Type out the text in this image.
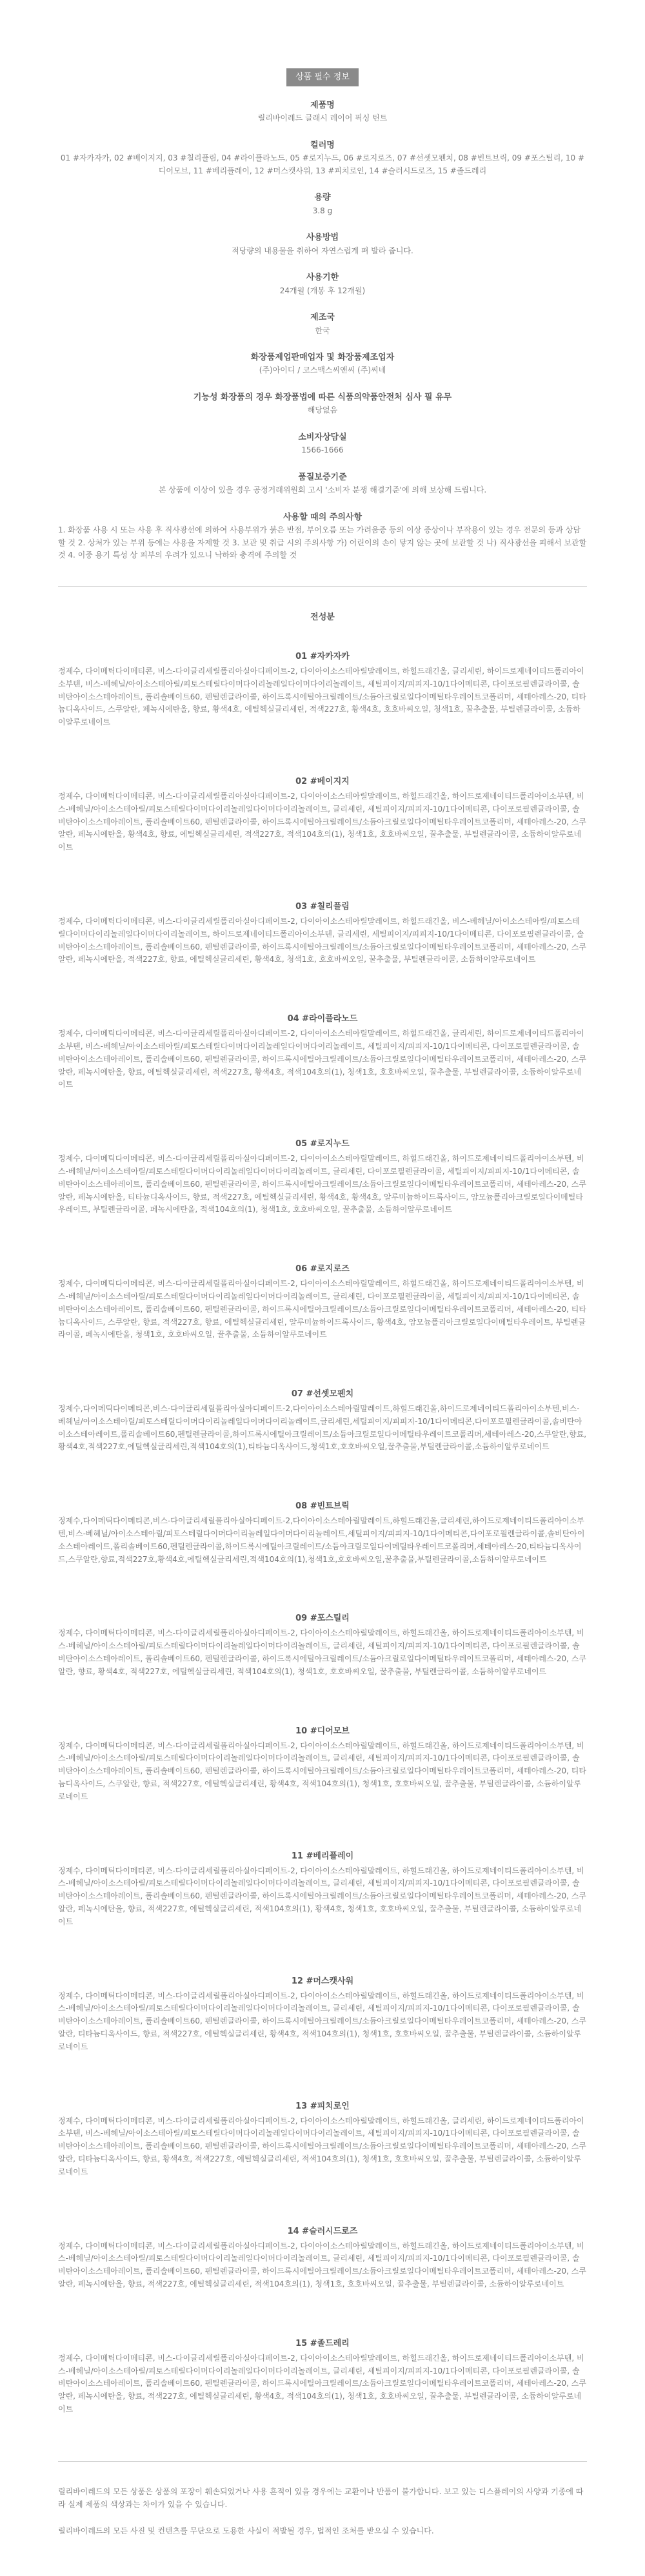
상품 필수 정보
제품명
릴리바이레드 글래시 레이어 픽싱 틴트
컬러명
01 #자카자카, 02 #베이지지, 03 #칠리플림, 04 #라이플라노드, 05 #로지누드, 06 #로지로즈, 07 #선셋모펜치, 08 #빈트브릭, 09 #포스틸리, 10 #디어모브, 11 #베리플레이, 12 #머스캣사워, 13 #피치로인, 14 #슬러시드로즈, 15 #졸드레리
용량
3.8 g
사용방법
적당량의 내용물을 취하여 자연스럽게 펴 발라 줍니다.
사용기한
24개월 (개봉 후 12개월)
제조국
한국
화장품제업판매업자 및 화장품제조업자
(주)아이디 / 코스맥스씨앤씨 (주)씨네
기능성 화장품의 경우 화장품법에 따른 식품의약품안전처 심사 필 유무
해당없음
소비자상담실
1566-1666
품질보증기준
본 상품에 이상이 있을 경우 공정거래위원회 고시 '소비자 분쟁 해결기준'에 의해 보상해 드립니다.
사용할 때의 주의사항
1. 화장품 사용 시 또는 사용 후 직사광선에 의하여 사용부위가 붉은 반점, 부어오름 또는 가려움증 등의 이상 증상이나 부작용이 있는 경우 전문의 등과 상담할 것 2. 상처가 있는 부위 등에는 사용을 자제할 것 3. 보관 및 취급 시의 주의사항 가) 어린이의 손이 닿지 않는 곳에 보관할 것 나) 직사광선을 피해서 보관할 것 4. 이중 용기 특성 상 피부의 우려가 있으니 낙하와 충격에 주의할 것
전성분
01 #자카자카
정제수, 다이메틱다이메티콘, 비스-다이글리세릴폴리아실아디페이트-2, 다이아이소스테아릴말레이트, 하힐드래긴올, 글리세린, 하이드로제네이티드폴리아이소부텐, 비스-베헤닐/아이소스테아릴/피토스테릴다이머다이리놀레일다이머다이리놀레이트, 세틸피이지/피피지-10/1다이메티콘, 다이포로필렌글라이콜, 솔비탄아이소스테아레이트, 폴리솔베이트60, 펜틸렌글라이콜, 하이드록시에틸아크릴레이트/소듐아크릴로일다이메틸타우레이트코폴리머, 세테아레스-20, 티타늄디옥사이드, 스쿠알란, 페녹시에탄올, 향료, 황색4호, 에틸헥실글리세린, 적색227호, 황색4호, 호호바씨오일, 청색1호, 꿀추출물, 부틸렌글라이콜, 소듐하이알루로네이트
02 #베이지지
정제수, 다이메틱다이메티콘, 비스-다이글리세릴폴리아실아디페이트-2, 다이아이소스테아릴말레이트, 하힐드래긴올, 하이드로제네이티드폴리아이소부텐, 비스-베헤닐/아이소스테아릴/피토스테릴다이머다이리놀레일다이머다이리놀레이트, 글리세린, 세틸피이지/피피지-10/1다이메티콘, 다이포로필렌글라이콜, 솔비탄아이소스테아레이트, 폴리솔베이트60, 펜틸렌글라이콜, 하이드록시에틸아크릴레이트/소듐아크릴로일다이메틸타우레이트코폴리머, 세테아레스-20, 스쿠알란, 페녹시에탄올, 황색4호, 향료, 에틸헥실글리세린, 적색227호, 적색104호의(1), 청색1호, 호호바씨오일, 꿀추출물, 부틸렌글라이콜, 소듐하이알루로네이트
03 #칠리플림
정제수, 다이메틱다이메티콘, 비스-다이글리세릴폴리아실아디페이트-2, 다이아이소스테아릴말레이트, 하힐드래긴올, 비스-베헤닐/아이소스테아릴/피토스테릴다이머다이리놀레일다이머다이리놀레이트, 하이드로제네이티드폴리아이소부텐, 글리세린, 세틸피이지/피피지-10/1다이메티콘, 다이포로필렌글라이콜, 솔비탄아이소스테아레이트, 폴리솔베이트60, 펜틸렌글라이콜, 하이드록시에틸아크릴레이트/소듐아크릴로일다이메틸타우레이트코폴리머, 세테아레스-20, 스쿠알란, 페녹시에탄올, 적색227호, 향료, 에틸헥실글리세린, 황색4호, 청색1호, 호호바씨오일, 꿀추출물, 부틸렌글라이콜, 소듐하이알루로네이트
04 #라이플라노드
정제수, 다이메틱다이메티콘, 비스-다이글리세릴폴리아실아디페이트-2, 다이아이소스테아릴말레이트, 하힐드래긴올, 글리세린, 하이드로제네이티드폴리아이소부텐, 비스-베헤닐/아이소스테아릴/피토스테릴다이머다이리놀레일다이머다이리놀레이트, 세틸피이지/피피지-10/1다이메티콘, 다이포로필렌글라이콜, 솔비탄아이소스테아레이트, 폴리솔베이트60, 펜틸렌글라이콜, 하이드록시에틸아크릴레이트/소듐아크릴로일다이메틸타우레이트코폴리머, 세테아레스-20, 스쿠알란, 페녹시에탄올, 향료, 에틸헥실글리세린, 적색227호, 황색4호, 적색104호의(1), 청색1호, 호호바씨오일, 꿀추출물, 부틸렌글라이콜, 소듐하이알루로네이트
05 #로지누드
정제수, 다이메틱다이메티콘, 비스-다이글리세릴폴리아실아디페이트-2, 다이아이소스테아릴말레이트, 하힐드래긴올, 하이드로제네이티드폴리아이소부텐, 비스-베헤닐/아이소스테아릴/피토스테릴다이머다이리놀레일다이머다이리놀레이트, 글리세린, 다이포로필렌글라이콜, 세틸피이지/피피지-10/1다이메티콘, 솔비탄아이소스테아레이트, 폴리솔베이트60, 펜틸렌글라이콜, 하이드록시에틸아크릴레이트/소듐아크릴로일다이메틸타우레이트코폴리머, 세테아레스-20, 스쿠알란, 페녹시에탄올, 티타늄디옥사이드, 향료, 적색227호, 에틸헥실글리세린, 황색4호, 황색4호, 알루미늄하이드록사이드, 암모늄폴리아크릴로일다이메틸타우레이트, 부틸렌글라이콜, 페녹시에탄올, 적색104호의(1), 청색1호, 호호바씨오일, 꿀추출물, 소듐하이알루로네이트
06 #로지로즈
정제수, 다이메틱다이메티콘, 비스-다이글리세릴폴리아실아디페이트-2, 다이아이소스테아릴말레이트, 하힐드래긴올, 하이드로제네이티드폴리아이소부텐, 비스-베헤닐/아이소스테아릴/피토스테릴다이머다이리놀레일다이머다이리놀레이트, 글리세린, 다이포로필렌글라이콜, 세틸피이지/피피지-10/1다이메티콘, 솔비탄아이소스테아레이트, 폴리솔베이트60, 펜틸렌글라이콜, 하이드록시에틸아크릴레이트/소듐아크릴로일다이메틸타우레이트코폴리머, 세테아레스-20, 티타늄디옥사이드, 스쿠알란, 향료, 적색227호, 향료, 에틸헥실글리세린, 알루미늄하이드록사이드, 황색4호, 암모늄폴리아크릴로일다이메틸타우레이트, 부틸렌글라이콜, 페녹시에탄올, 청색1호, 호호바씨오일, 꿀추출물, 소듐하이알루로네이트
07 #선셋모펜치
정제수,다이메틱다이메티콘,비스-다이글리세릴폴리아실아디페이트-2,다이아이소스테아릴말레이트,하힐드래긴올,하이드로제네이티드폴리아이소부텐,비스-베헤닐/아이소스테아릴/피토스테릴다이머다이리놀레일다이머다이리놀레이트,글리세린,세틸피이지/피피지-10/1다이메티콘,다이포로필렌글라이콜,솔비탄아이소스테아레이트,폴리솔베이트60,펜틸렌글라이콜,하이드록시에틸아크릴레이트/소듐아크릴로일다이메틸타우레이트코폴리머,세테아레스-20,스쿠알란,향료,황색4호,적색227호,에틸헥실글리세린,적색104호의(1),티타늄디옥사이드,청색1호,호호바씨오일,꿀추출물,부틸렌글라이콜,소듐하이알루로네이트
08 #빈트브릭
정제수,다이메틱다이메티콘,비스-다이글리세릴폴리아실아디페이트-2,다이아이소스테아릴말레이트,하힐드래긴올,글리세린,하이드로제네이티드폴리아이소부텐,비스-베헤닐/아이소스테아릴/피토스테릴다이머다이리놀레일다이머다이리놀레이트,세틸피이지/피피지-10/1다이메티콘,다이포로필렌글라이콜,솔비탄아이소스테아레이트,폴리솔베이트60,펜틸렌글라이콜,하이드록시에틸아크릴레이트/소듐아크릴로일다이메틸타우레이트코폴리머,세테아레스-20,티타늄디옥사이드,스쿠알란,향료,적색227호,황색4호,에틸헥실글리세린,적색104호의(1),청색1호,호호바씨오일,꿀추출물,부틸렌글라이콜,소듐하이알루로네이트
09 #포스틸리
정제수, 다이메틱다이메티콘, 비스-다이글리세릴폴리아실아디페이트-2, 다이아이소스테아릴말레이트, 하힐드래긴올, 하이드로제네이티드폴리아이소부텐, 비스-베헤닐/아이소스테아릴/피토스테릴다이머다이리놀레일다이머다이리놀레이트, 글리세린, 세틸피이지/피피지-10/1다이메티콘, 다이포로필렌글라이콜, 솔비탄아이소스테아레이트, 폴리솔베이트60, 펜틸렌글라이콜, 하이드록시에틸아크릴레이트/소듐아크릴로일다이메틸타우레이트코폴리머, 세테아레스-20, 스쿠알란, 향료, 황색4호, 적색227호, 에틸헥실글리세린, 적색104호의(1), 청색1호, 호호바씨오일, 꿀추출물, 부틸렌글라이콜, 소듐하이알루로네이트
10 #디어모브
정제수, 다이메틱다이메티콘, 비스-다이글리세릴폴리아실아디페이트-2, 다이아이소스테아릴말레이트, 하힐드래긴올, 하이드로제네이티드폴리아이소부텐, 비스-베헤닐/아이소스테아릴/피토스테릴다이머다이리놀레일다이머다이리놀레이트, 글리세린, 세틸피이지/피피지-10/1다이메티콘, 다이포로필렌글라이콜, 솔비탄아이소스테아레이트, 폴리솔베이트60, 펜틸렌글라이콜, 하이드록시에틸아크릴레이트/소듐아크릴로일다이메틸타우레이트코폴리머, 세테아레스-20, 티타늄디옥사이드, 스쿠알란, 향료, 적색227호, 에틸헥실글리세린, 황색4호, 적색104호의(1), 청색1호, 호호바씨오일, 꿀추출물, 부틸렌글라이콜, 소듐하이알루로네이트
11 #베리플레이
정제수, 다이메틱다이메티콘, 비스-다이글리세릴폴리아실아디페이트-2, 다이아이소스테아릴말레이트, 하힐드래긴올, 하이드로제네이티드폴리아이소부텐, 비스-베헤닐/아이소스테아릴/피토스테릴다이머다이리놀레일다이머다이리놀레이트, 글리세린, 세틸피이지/피피지-10/1다이메티콘, 다이포로필렌글라이콜, 솔비탄아이소스테아레이트, 폴리솔베이트60, 펜틸렌글라이콜, 하이드록시에틸아크릴레이트/소듐아크릴로일다이메틸타우레이트코폴리머, 세테아레스-20, 스쿠알란, 페녹시에탄올, 향료, 적색227호, 에틸헥실글리세린, 적색104호의(1), 황색4호, 청색1호, 호호바씨오일, 꿀추출물, 부틸렌글라이콜, 소듐하이알루로네이트
12 #머스캣사워
정제수, 다이메틱다이메티콘, 비스-다이글리세릴폴리아실아디페이트-2, 다이아이소스테아릴말레이트, 하힐드래긴올, 하이드로제네이티드폴리아이소부텐, 비스-베헤닐/아이소스테아릴/피토스테릴다이머다이리놀레일다이머다이리놀레이트, 글리세린, 세틸피이지/피피지-10/1다이메티콘, 다이포로필렌글라이콜, 솔비탄아이소스테아레이트, 폴리솔베이트60, 펜틸렌글라이콜, 하이드록시에틸아크릴레이트/소듐아크릴로일다이메틸타우레이트코폴리머, 세테아레스-20, 스쿠알란, 티타늄디옥사이드, 향료, 적색227호, 에틸헥실글리세린, 황색4호, 적색104호의(1), 청색1호, 호호바씨오일, 꿀추출물, 부틸렌글라이콜, 소듐하이알루로네이트
13 #피치로인
정제수, 다이메틱다이메티콘, 비스-다이글리세릴폴리아실아디페이트-2, 다이아이소스테아릴말레이트, 하힐드래긴올, 글리세린, 하이드로제네이티드폴리아이소부텐, 비스-베헤닐/아이소스테아릴/피토스테릴다이머다이리놀레일다이머다이리놀레이트, 세틸피이지/피피지-10/1다이메티콘, 다이포로필렌글라이콜, 솔비탄아이소스테아레이트, 폴리솔베이트60, 펜틸렌글라이콜, 하이드록시에틸아크릴레이트/소듐아크릴로일다이메틸타우레이트코폴리머, 세테아레스-20, 스쿠알란, 티타늄디옥사이드, 향료, 황색4호, 적색227호, 에틸헥실글리세린, 적색104호의(1), 청색1호, 호호바씨오일, 꿀추출물, 부틸렌글라이콜, 소듐하이알루로네이트
14 #슬러시드로즈
정제수, 다이메틱다이메티콘, 비스-다이글리세릴폴리아실아디페이트-2, 다이아이소스테아릴말레이트, 하힐드래긴올, 하이드로제네이티드폴리아이소부텐, 비스-베헤닐/아이소스테아릴/피토스테릴다이머다이리놀레일다이머다이리놀레이트, 글리세린, 세틸피이지/피피지-10/1다이메티콘, 다이포로필렌글라이콜, 솔비탄아이소스테아레이트, 폴리솔베이트60, 펜틸렌글라이콜, 하이드록시에틸아크릴레이트/소듐아크릴로일다이메틸타우레이트코폴리머, 세테아레스-20, 스쿠알란, 페녹시에탄올, 향료, 적색227호, 에틸헥실글리세린, 적색104호의(1), 청색1호, 호호바씨오일, 꿀추출물, 부틸렌글라이콜, 소듐하이알루로네이트
15 #졸드레리
정제수, 다이메틱다이메티콘, 비스-다이글리세릴폴리아실아디페이트-2, 다이아이소스테아릴말레이트, 하힐드래긴올, 하이드로제네이티드폴리아이소부텐, 비스-베헤닐/아이소스테아릴/피토스테릴다이머다이리놀레일다이머다이리놀레이트, 글리세린, 세틸피이지/피피지-10/1다이메티콘, 다이포로필렌글라이콜, 솔비탄아이소스테아레이트, 폴리솔베이트60, 펜틸렌글라이콜, 하이드록시에틸아크릴레이트/소듐아크릴로일다이메틸타우레이트코폴리머, 세테아레스-20, 스쿠알란, 페녹시에탄올, 향료, 적색227호, 에틸헥실글리세린, 황색4호, 적색104호의(1), 청색1호, 호호바씨오일, 꿀추출물, 부틸렌글라이콜, 소듐하이알루로네이트

릴리바이레드의 모든 상품은 상품의 포장이 훼손되었거나 사용 흔적이 있을 경우에는 교환이나 반품이 불가합니다. 보고 있는 디스플레이의 사양과 기종에 따라 실제 제품의 색상과는 차이가 있을 수 있습니다.

릴리바이레드의 모든 사진 및 컨텐츠를 무단으로 도용한 사실이 적발될 경우, 법적인 조처를 받으실 수 있습니다.
